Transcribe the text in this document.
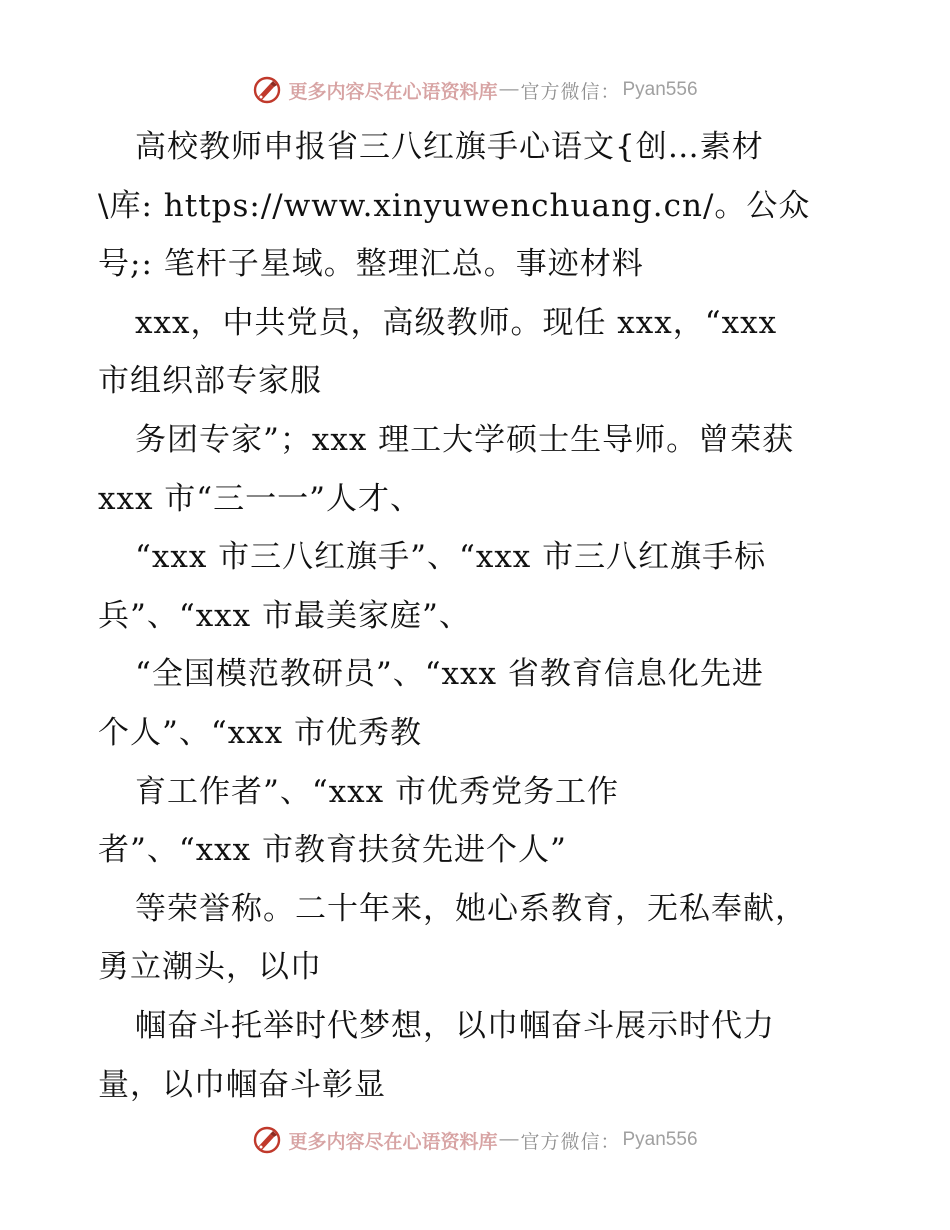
更多内容尽在心语资料库 — 官方微信： Pyan556
高校教师申报省三八红旗手心语文{创…素材
\库: https://www.xinyuwenchuang.cn/。公众
号;: 笔杆子星域。整理汇总。事迹材料
xxx，中共党员，高级教师。现任 xxx，“xxx
市组织部专家服
务团专家”；xxx 理工大学硕士生导师。曾荣获
xxx 市“三一一”人才、
“xxx 市三八红旗手”、“xxx 市三八红旗手标
兵”、“xxx 市最美家庭”、
“全国模范教研员”、“xxx 省教育信息化先进
个人”、“xxx 市优秀教
育工作者”、“xxx 市优秀党务工作
者”、“xxx 市教育扶贫先进个人”
等荣誉称。二十年来，她心系教育，无私奉献，
勇立潮头，以巾
帼奋斗托举时代梦想，以巾帼奋斗展示时代力
量，以巾帼奋斗彰显
更多内容尽在心语资料库 — 官方微信： Pyan556
